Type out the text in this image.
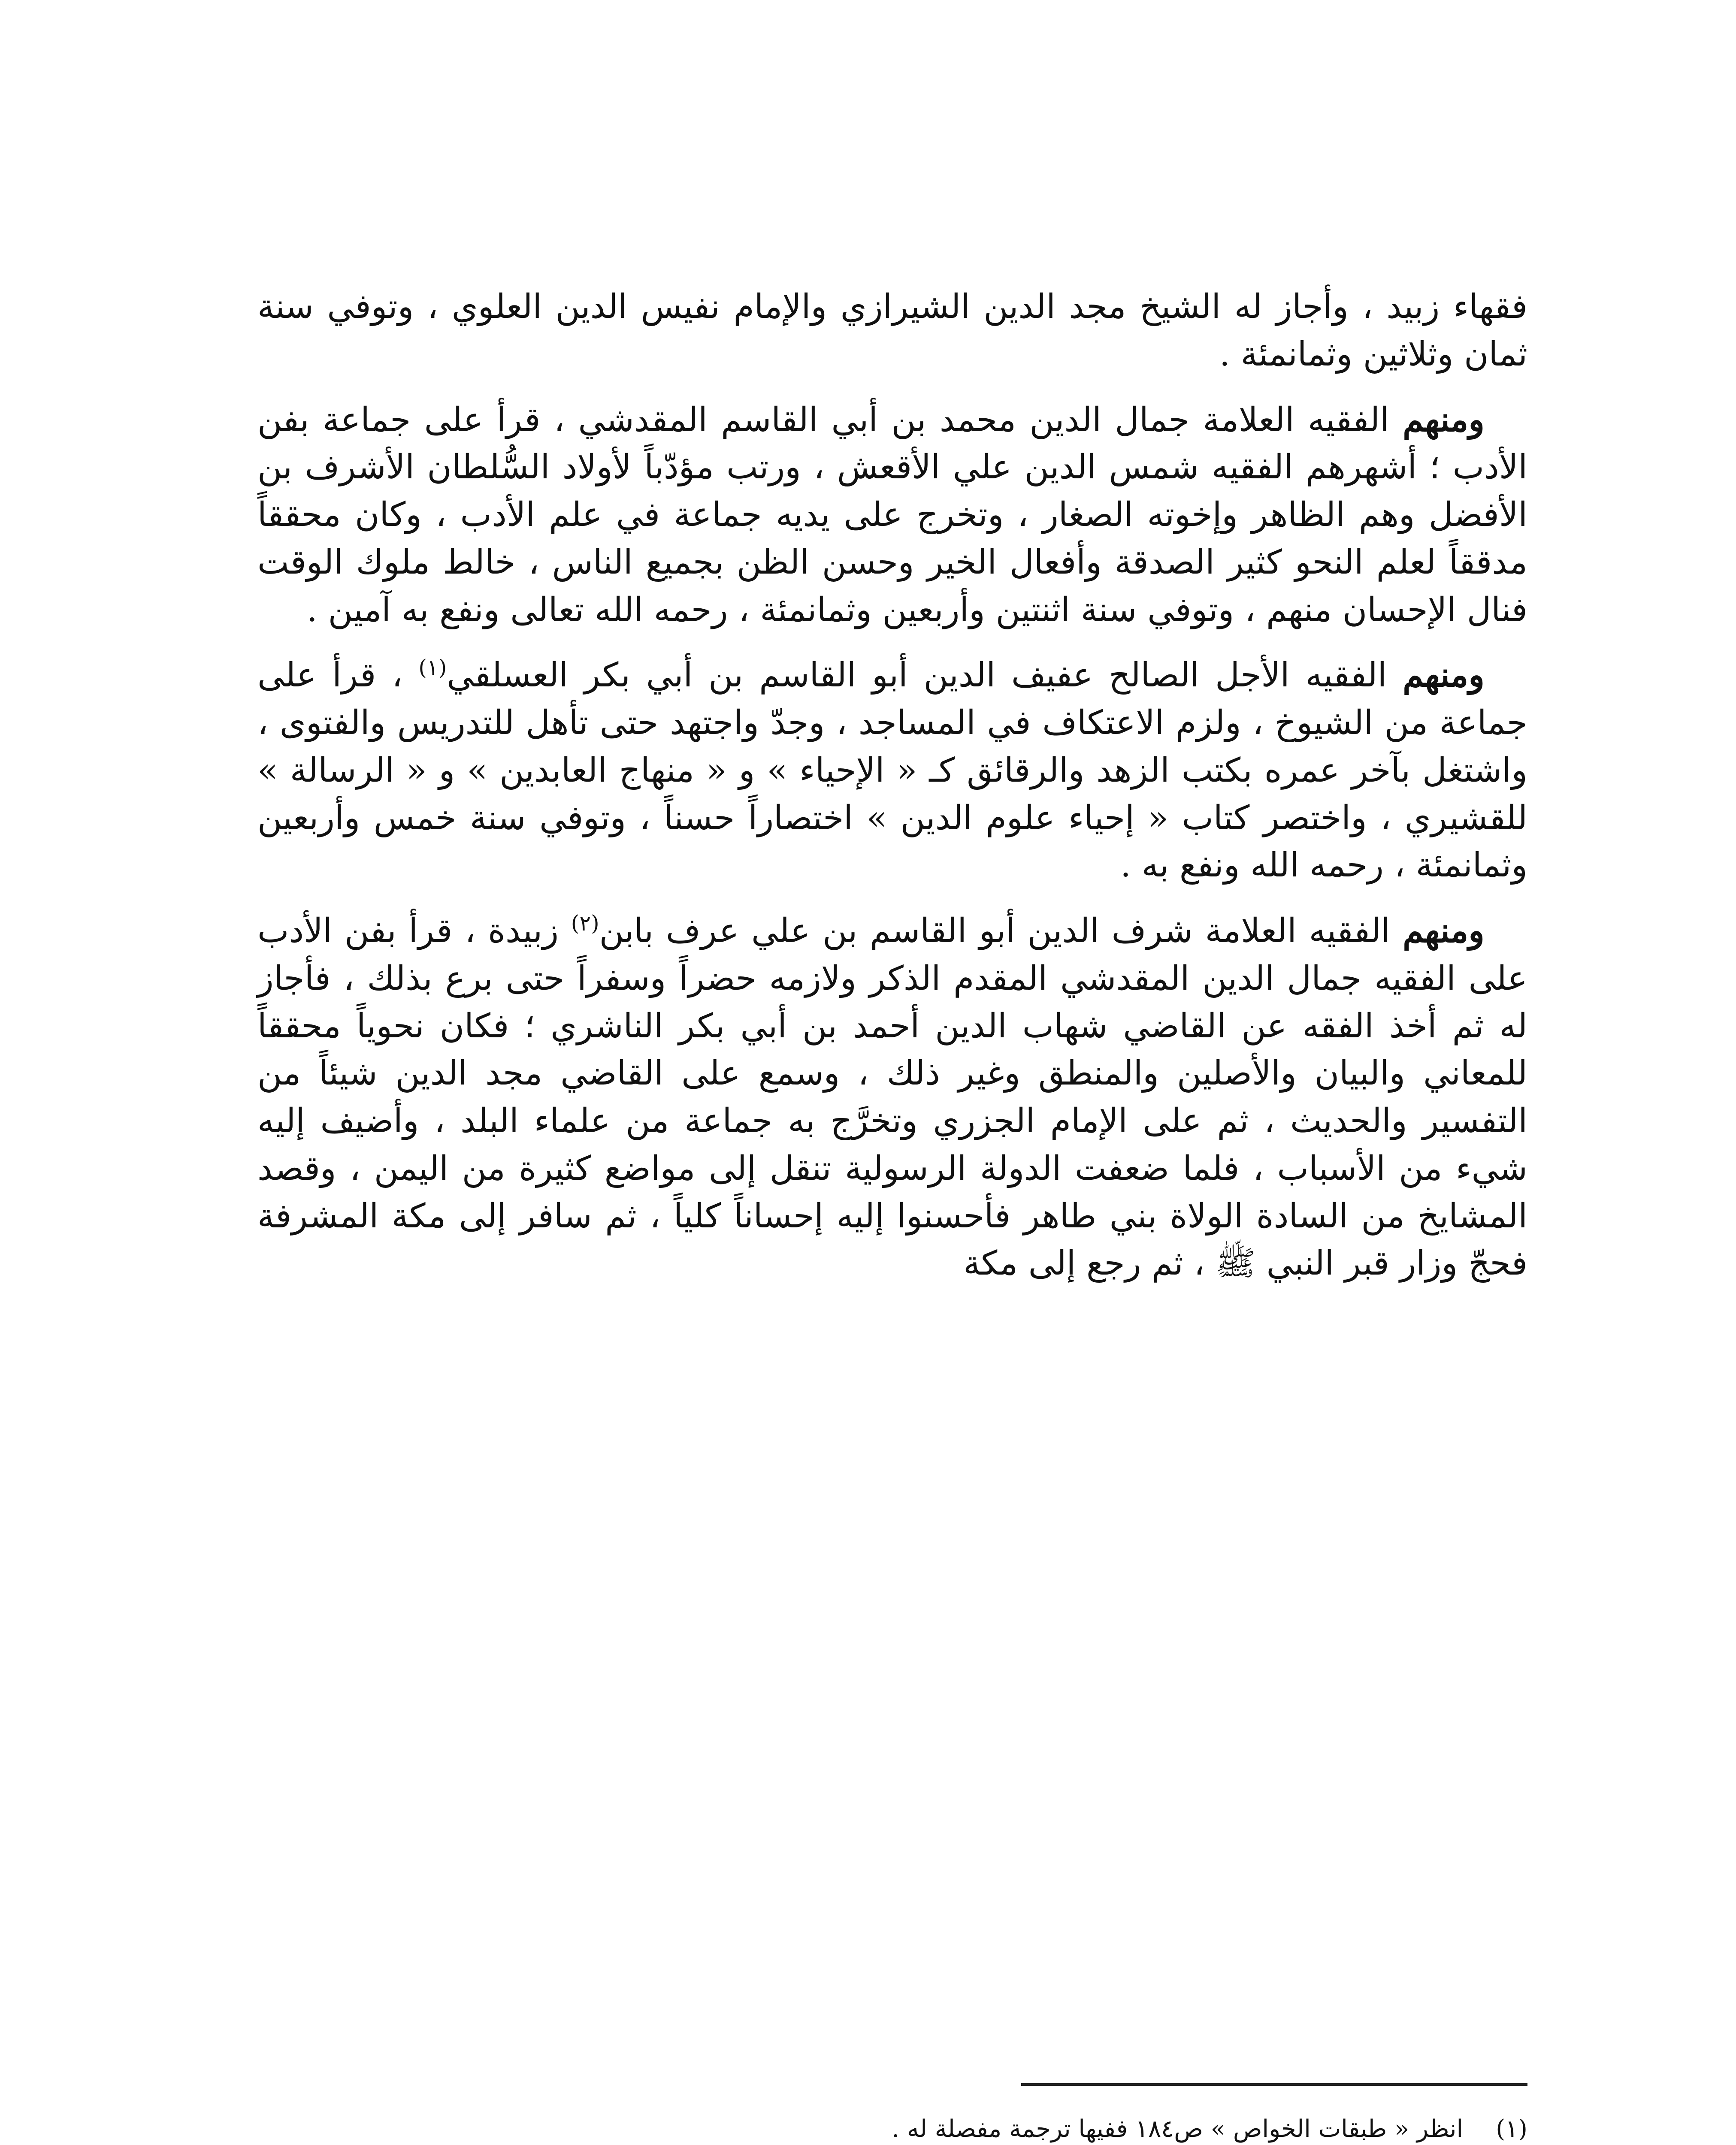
فقهاء زبيد ، وأجاز له الشيخ مجد الدين الشيرازي والإمام نفيس الدين العلوي ، وتوفي سنة ثمان وثلاثين وثمانمئة .

ومنهم الفقيه العلامة جمال الدين محمد بن أبي القاسم المقدشي ، قرأ على جماعة بفن الأدب ؛ أشهرهم الفقيه شمس الدين علي الأقعش ، ورتب مؤدّباً لأولاد السُّلطان الأشرف بن الأفضل وهم الظاهر وإخوته الصغار ، وتخرج على يديه جماعة في علم الأدب ، وكان محققاً مدققاً لعلم النحو كثير الصدقة وأفعال الخير وحسن الظن بجميع الناس ، خالط ملوك الوقت فنال الإحسان منهم ، وتوفي سنة اثنتين وأربعين وثمانمئة ، رحمه الله تعالى ونفع به آمين .

ومنهم الفقيه الأجل الصالح عفيف الدين أبو القاسم بن أبي بكر العسلقي$^{(١)}$ ، قرأ على جماعة من الشيوخ ، ولزم الاعتكاف في المساجد ، وجدّ واجتهد حتى تأهل للتدريس والفتوى ، واشتغل بآخر عمره بكتب الزهد والرقائق كـ « الإحياء » و « منهاج العابدين » و « الرسالة » للقشيري ، واختصر كتاب « إحياء علوم الدين » اختصاراً حسناً ، وتوفي سنة خمس وأربعين وثمانمئة ، رحمه الله ونفع به .

ومنهم الفقيه العلامة شرف الدين أبو القاسم بن علي عرف بابن$^{(٢)}$ زبيدة ، قرأ بفن الأدب على الفقيه جمال الدين المقدشي المقدم الذكر ولازمه حضراً وسفراً حتى برع بذلك ، فأجاز له ثم أخذ الفقه عن القاضي شهاب الدين أحمد بن أبي بكر الناشري ؛ فكان نحوياً محققاً للمعاني والبيان والأصلين والمنطق وغير ذلك ، وسمع على القاضي مجد الدين شيئاً من التفسير والحديث ، ثم على الإمام الجزري وتخرَّج به جماعة من علماء البلد ، وأضيف إليه شيء من الأسباب ، فلما ضعفت الدولة الرسولية تنقل إلى مواضع كثيرة من اليمن ، وقصد المشايخ من السادة الولاة بني طاهر فأحسنوا إليه إحساناً كلياً ، ثم سافر إلى مكة المشرفة فحجّ وزار قبر النبي ﷺ ، ثم رجع إلى مكة

(١)
انظر « طبقات الخواص » ص١٨٤ ففيها ترجمة مفصلة له .
